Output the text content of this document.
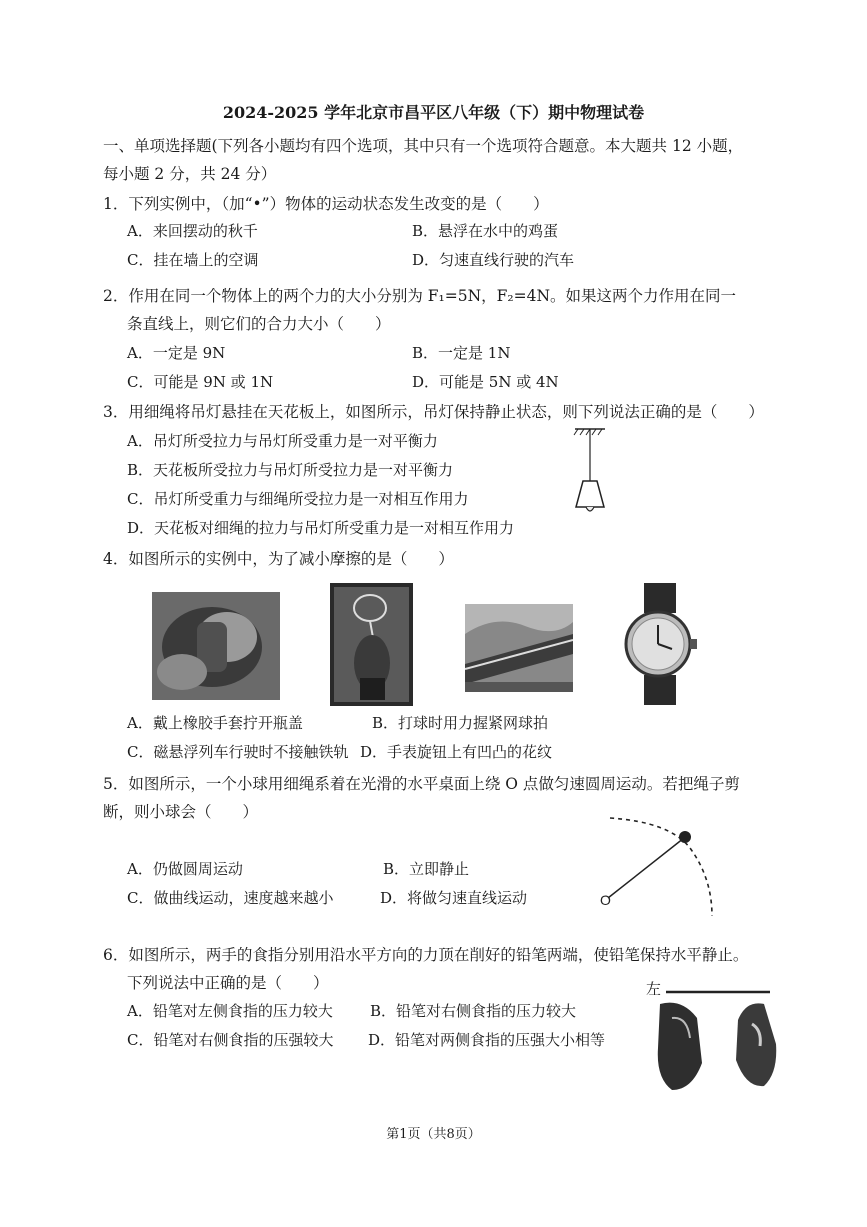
2024-2025 学年北京市昌平区八年级（下）期中物理试卷
一、单项选择题(下列各小题均有四个选项，其中只有一个选项符合题意。本大题共 12 小题，
每小题 2 分，共 24 分）
1．下列实例中，（加“•”）物体的运动状态发生改变的是（　　）
A．来回摆动的秋千	B．悬浮在水中的鸡蛋
C．挂在墙上的空调	D．匀速直线行驶的汽车
2．作用在同一个物体上的两个力的大小分别为 F₁=5N，F₂=4N。如果这两个力作用在同一
条直线上，则它们的合力大小（　　）
A．一定是 9N	B．一定是 1N
C．可能是 9N 或 1N	D．可能是 5N 或 4N
3．用细绳将吊灯悬挂在天花板上，如图所示，吊灯保持静止状态，则下列说法正确的是（　　）
A．吊灯所受拉力与吊灯所受重力是一对平衡力
B．天花板所受拉力与吊灯所受拉力是一对平衡力
C．吊灯所受重力与细绳所受拉力是一对相互作用力
D．天花板对细绳的拉力与吊灯所受重力是一对相互作用力
4．如图所示的实例中，为了减小摩擦的是（　　）
A．戴上橡胶手套拧开瓶盖	B．打球时用力握紧网球拍
C．磁悬浮列车行驶时不接触铁轨 D．手表旋钮上有凹凸的花纹
5．如图所示，一个小球用细绳系着在光滑的水平桌面上绕 O 点做匀速圆周运动。若把绳子剪
断，则小球会（　　）
A．仍做圆周运动	B．立即静止
C．做曲线运动，速度越来越小	D．将做匀速直线运动	O
6．如图所示，两手的食指分别用沿水平方向的力顶在削好的铅笔两端，使铅笔保持水平静止。
下列说法中正确的是（　　）
A．铅笔对左侧食指的压力较大 B．铅笔对右侧食指的压力较大
C．铅笔对右侧食指的压强较大 D．铅笔对两侧食指的压强大小相等
左
第1页（共8页）
